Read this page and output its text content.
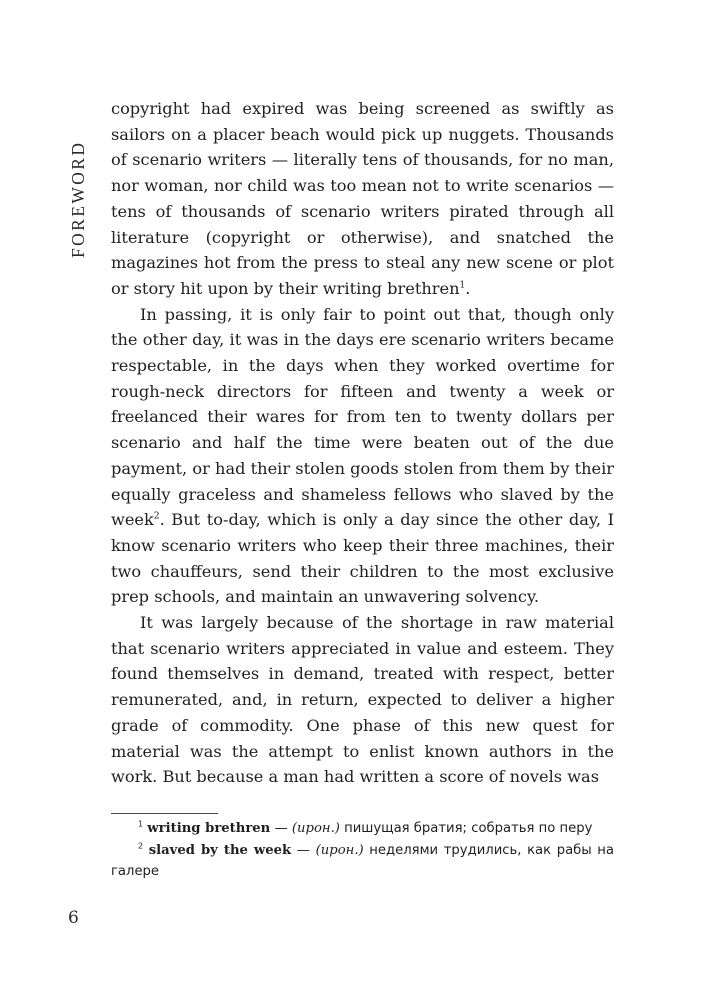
FOREWORD

copyright had expired was being screened as swiftly as sailors on a placer beach would pick up nuggets. Thousands of scenario writers — literally tens of thousands, for no man, nor woman, nor child was too mean not to write scenarios — tens of thousands of scenario writers pirated through all literature (copyright or otherwise), and snatched the magazines hot from the press to steal any new scene or plot or story hit upon by their writing brethren$^1$.

In passing, it is only fair to point out that, though only the other day, it was in the days ere scenario writers became respectable, in the days when they worked overtime for rough-neck directors for fifteen and twenty a week or freelanced their wares for from ten to twenty dollars per scenario and half the time were beaten out of the due payment, or had their stolen goods stolen from them by their equally graceless and shameless fellows who slaved by the week$^2$. But to-day, which is only a day since the other day, I know scenario writers who keep their three machines, their two chauffeurs, send their children to the most exclusive prep schools, and maintain an unwavering solvency.

It was largely because of the shortage in raw material that scenario writers appreciated in value and esteem. They found themselves in demand, treated with respect, better remunerated, and, in return, expected to deliver a higher grade of commodity. One phase of this new quest for material was the attempt to enlist known authors in the work. But because a man had written a score of novels was

$^1$ writing brethren — (ирон.) пишущая братия; собратья по перу

$^2$ slaved by the week — (ирон.) неделями трудились, как рабы на галере

6
